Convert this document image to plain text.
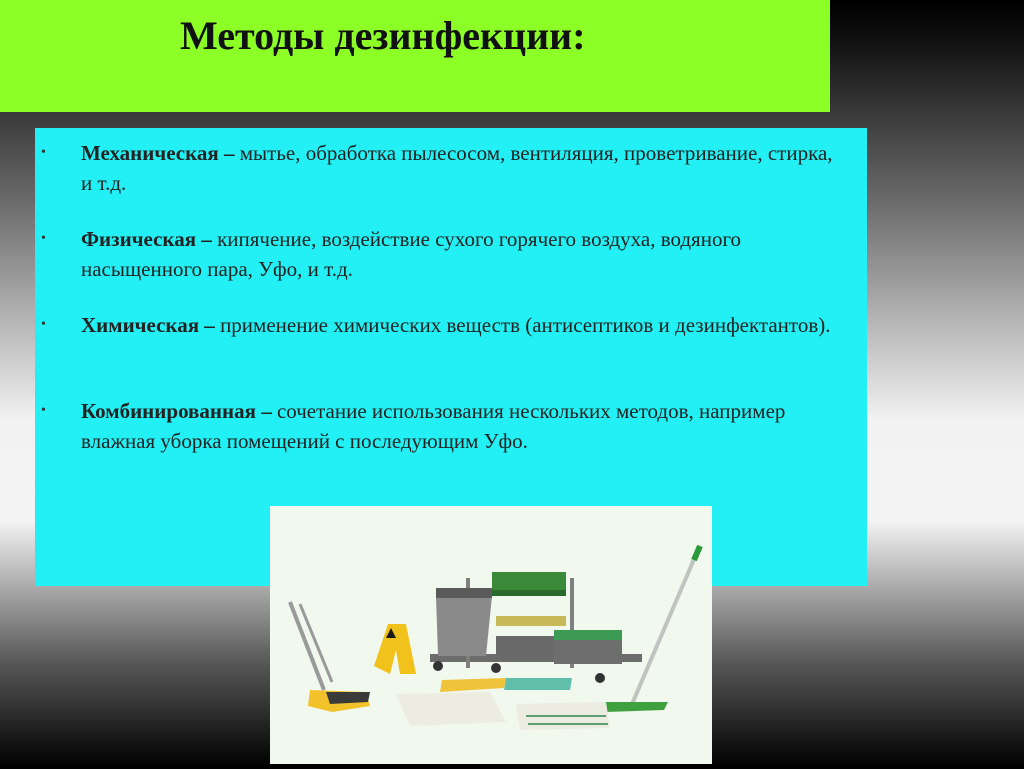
Методы дезинфекции:
• Механическая – мытье, обработка пылесосом, вентиляция, проветривание, стирка, и т.д.
• Физическая – кипячение, воздействие сухого горячего воздуха, водяного насыщенного пара, Уфо, и т.д.
• Химическая – применение химических веществ (антисептиков и дезинфектантов).
• Комбинированная – сочетание использования нескольких методов, например влажная уборка помещений с последующим Уфо.
